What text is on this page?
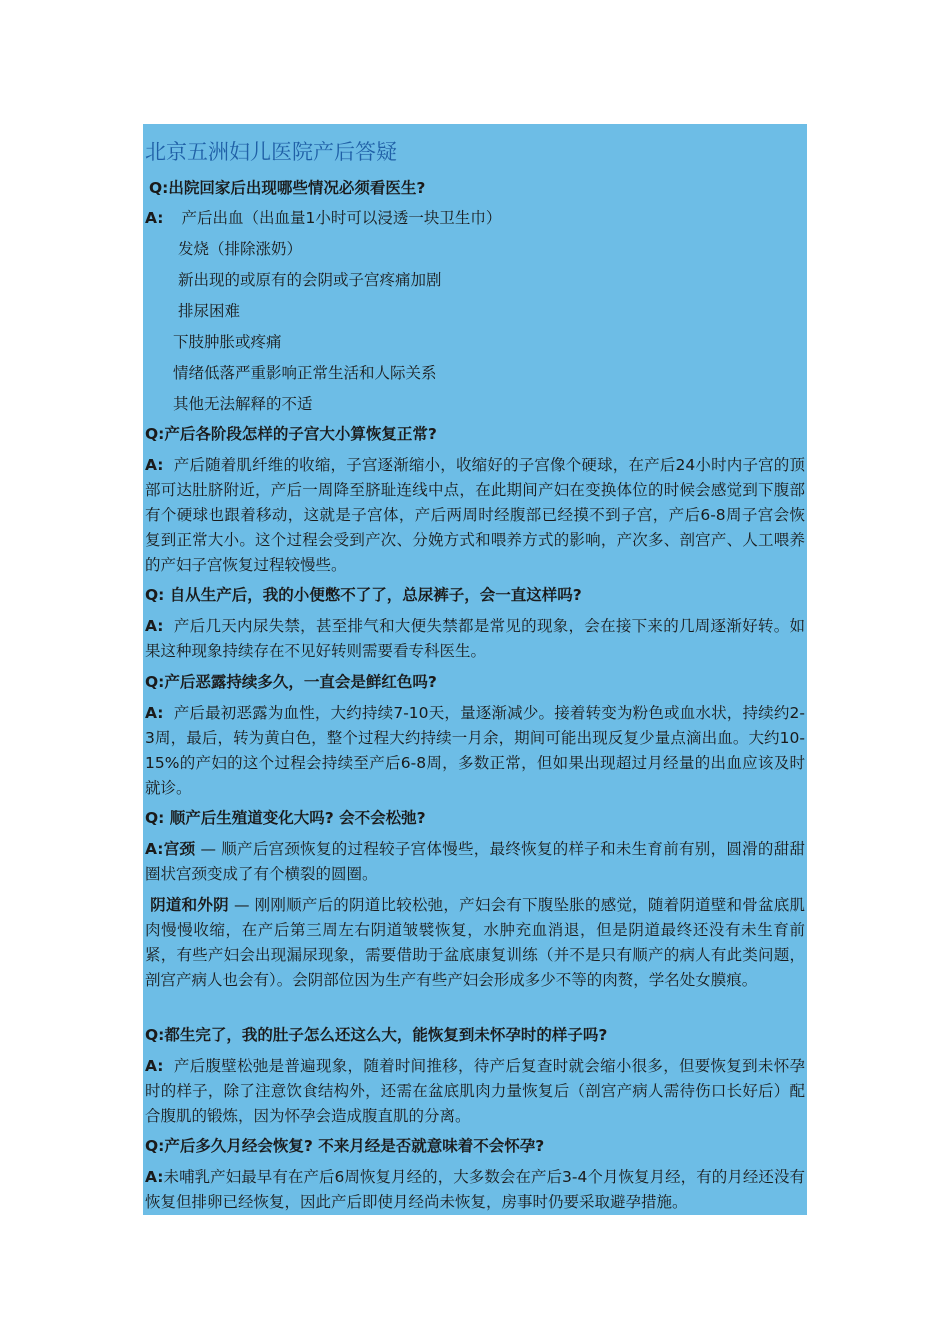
北京五洲妇儿医院产后答疑
Q:出院回家后出现哪些情况必须看医生?
A: 产后出血（出血量1小时可以浸透一块卫生巾）
发烧（排除涨奶）
新出现的或原有的会阴或子宫疼痛加剧
排尿困难
下肢肿胀或疼痛
情绪低落严重影响正常生活和人际关系
其他无法解释的不适
Q:产后各阶段怎样的子宫大小算恢复正常?
A: 产后随着肌纤维的收缩，子宫逐渐缩小，收缩好的子宫像个硬球，在产后24小时内子宫的顶部可达肚脐附近，产后一周降至脐耻连线中点，在此期间产妇在变换体位的时候会感觉到下腹部有个硬球也跟着移动，这就是子宫体，产后两周时经腹部已经摸不到子宫，产后6-8周子宫会恢复到正常大小。这个过程会受到产次、分娩方式和喂养方式的影响，产次多、剖宫产、人工喂养的产妇子宫恢复过程较慢些。
Q: 自从生产后，我的小便憋不了了，总尿裤子，会一直这样吗?
A: 产后几天内尿失禁，甚至排气和大便失禁都是常见的现象，会在接下来的几周逐渐好转。如果这种现象持续存在不见好转则需要看专科医生。
Q:产后恶露持续多久，一直会是鲜红色吗?
A: 产后最初恶露为血性，大约持续7-10天，量逐渐减少。接着转变为粉色或血水状，持续约2-3周，最后，转为黄白色，整个过程大约持续一月余，期间可能出现反复少量点滴出血。大约10-15%的产妇的这个过程会持续至产后6-8周，多数正常，但如果出现超过月经量的出血应该及时就诊。
Q: 顺产后生殖道变化大吗? 会不会松弛?
A:宫颈 — 顺产后宫颈恢复的过程较子宫体慢些，最终恢复的样子和未生育前有别，圆滑的甜甜圈状宫颈变成了有个横裂的圆圈。
阴道和外阴 — 刚刚顺产后的阴道比较松弛，产妇会有下腹坠胀的感觉，随着阴道壁和骨盆底肌肉慢慢收缩，在产后第三周左右阴道皱襞恢复，水肿充血消退，但是阴道最终还没有未生育前紧，有些产妇会出现漏尿现象，需要借助于盆底康复训练（并不是只有顺产的病人有此类问题，剖宫产病人也会有）。会阴部位因为生产有些产妇会形成多少不等的肉赘，学名处女膜痕。
Q:都生完了，我的肚子怎么还这么大，能恢复到未怀孕时的样子吗?
A: 产后腹壁松弛是普遍现象，随着时间推移，待产后复查时就会缩小很多，但要恢复到未怀孕时的样子，除了注意饮食结构外，还需在盆底肌肉力量恢复后（剖宫产病人需待伤口长好后）配合腹肌的锻炼，因为怀孕会造成腹直肌的分离。
Q:产后多久月经会恢复? 不来月经是否就意味着不会怀孕?
A:未哺乳产妇最早有在产后6周恢复月经的，大多数会在产后3-4个月恢复月经，有的月经还没有恢复但排卵已经恢复，因此产后即使月经尚未恢复，房事时仍要采取避孕措施。
